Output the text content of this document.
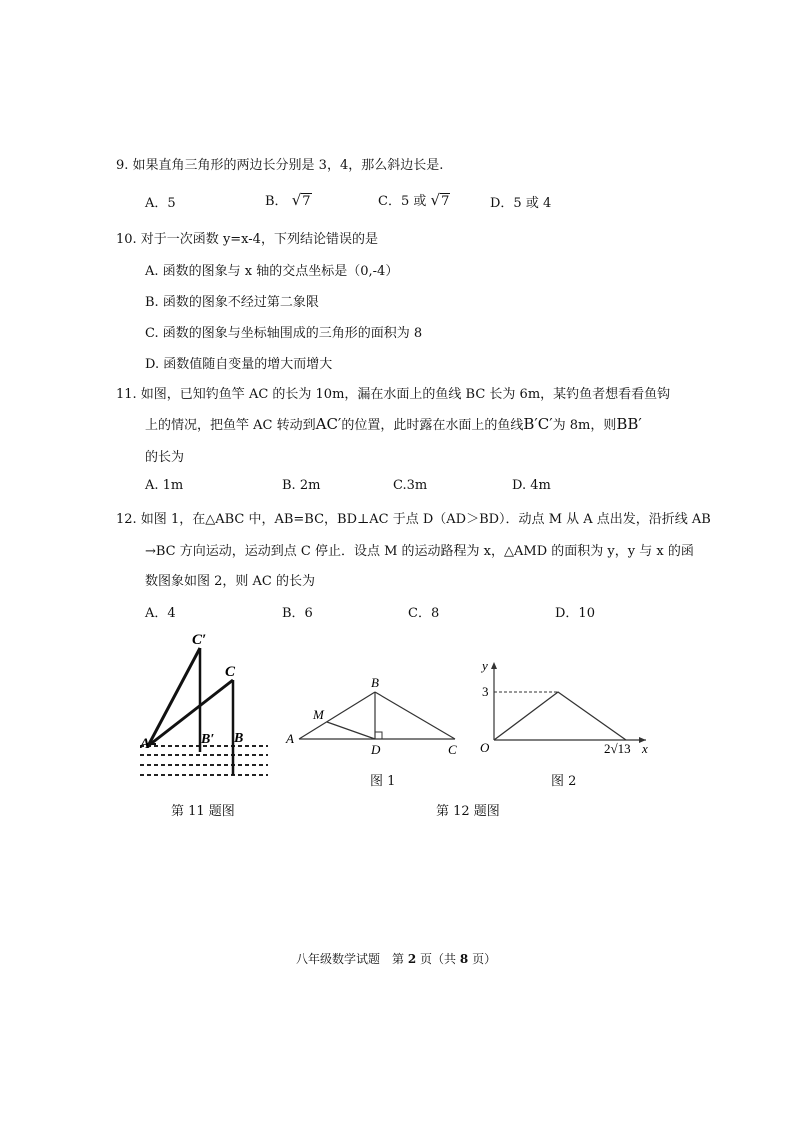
9. 如果直角三角形的两边长分别是 3，4，那么斜边长是.
A．5	B． √7	C．5 或 √7	D．5 或 4
10. 对于一次函数 y=x-4，下列结论错误的是
A. 函数的图象与 x 轴的交点坐标是（0,-4）
B. 函数的图象不经过第二象限
C. 函数的图象与坐标轴围成的三角形的面积为 8
D. 函数值随自变量的增大而增大
11. 如图，已知钓鱼竿 AC 的长为 10m，漏在水面上的鱼线 BC 长为 6m，某钓鱼者想看看鱼钩
上的情况，把鱼竿 AC 转动到AC′的位置，此时露在水面上的鱼线B′C′为 8m，则BB′
的长为
A. 1m	B. 2m	C.3m	D. 4m
12. 如图 1，在△ABC 中，AB=BC，BD⊥AC 于点 D（AD＞BD）．动点 M 从 A 点出发，沿折线 AB
→BC 方向运动，运动到点 C 停止．设点 M 的运动路程为 x，△AMD 的面积为 y，y 与 x 的函
数图象如图 2，则 AC 的长为
A．4	B．6	C．8	D．10
C′
C
A	B′ B
第 11 题图
B
M
A
D	C
图 1
y
3
O	2√13 x
图 2
第 12 题图
八年级数学试题　第 2 页（共 8 页）
